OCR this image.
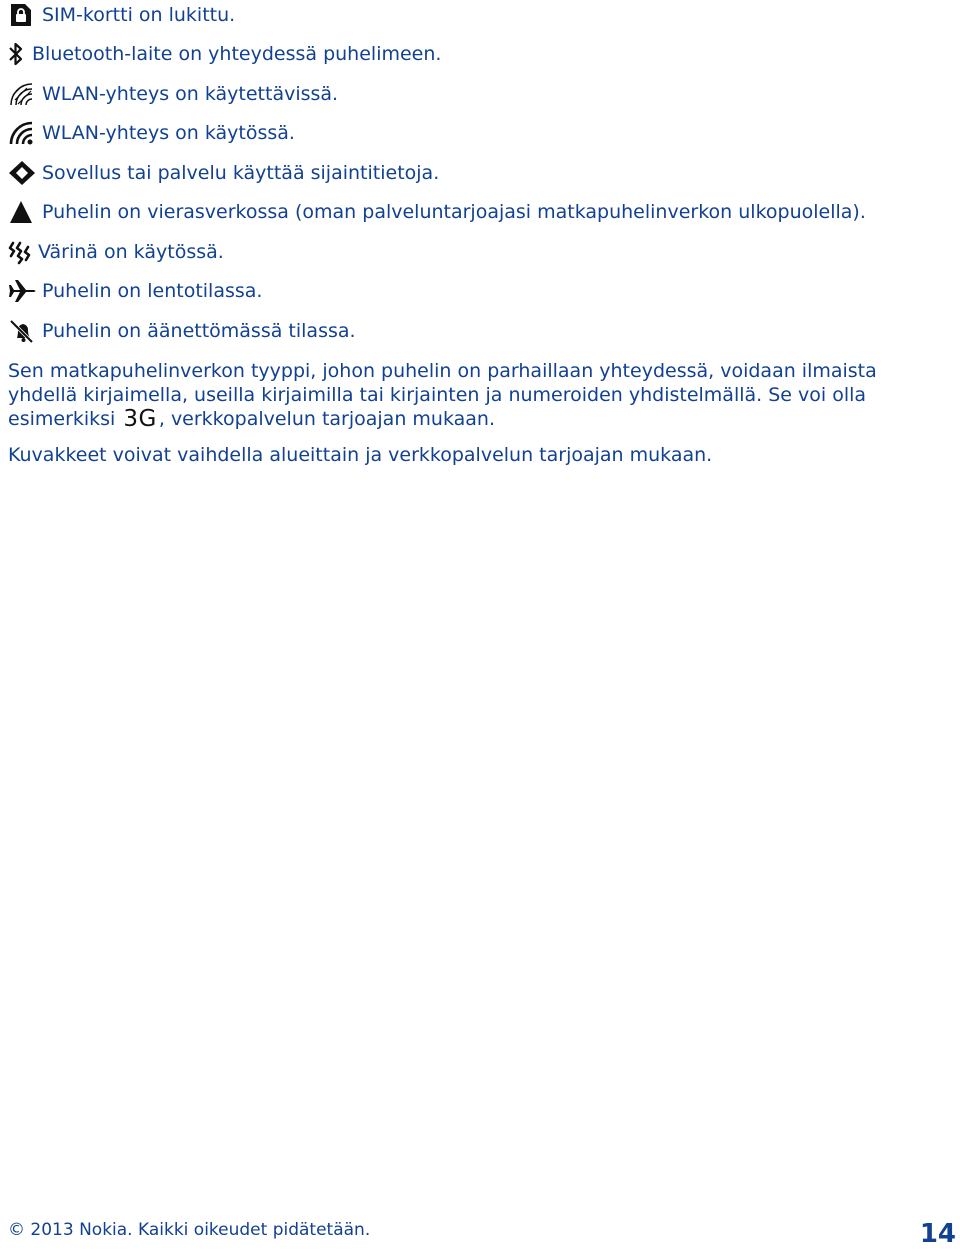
SIM-kortti on lukittu.
Bluetooth-laite on yhteydessä puhelimeen.
WLAN-yhteys on käytettävissä.
WLAN-yhteys on käytössä.
Sovellus tai palvelu käyttää sijaintitietoja.
Puhelin on vierasverkossa (oman palveluntarjoajasi matkapuhelinverkon ulkopuolella).
Värinä on käytössä.
Puhelin on lentotilassa.
Puhelin on äänettömässä tilassa.

Sen matkapuhelinverkon tyyppi, johon puhelin on parhaillaan yhteydessä, voidaan ilmaista yhdellä kirjaimella, useilla kirjaimilla tai kirjainten ja numeroiden yhdistelmällä. Se voi olla esimerkiksi 3G , verkkopalvelun tarjoajan mukaan.

Kuvakkeet voivat vaihdella alueittain ja verkkopalvelun tarjoajan mukaan.

© 2013 Nokia. Kaikki oikeudet pidätetään.	14
